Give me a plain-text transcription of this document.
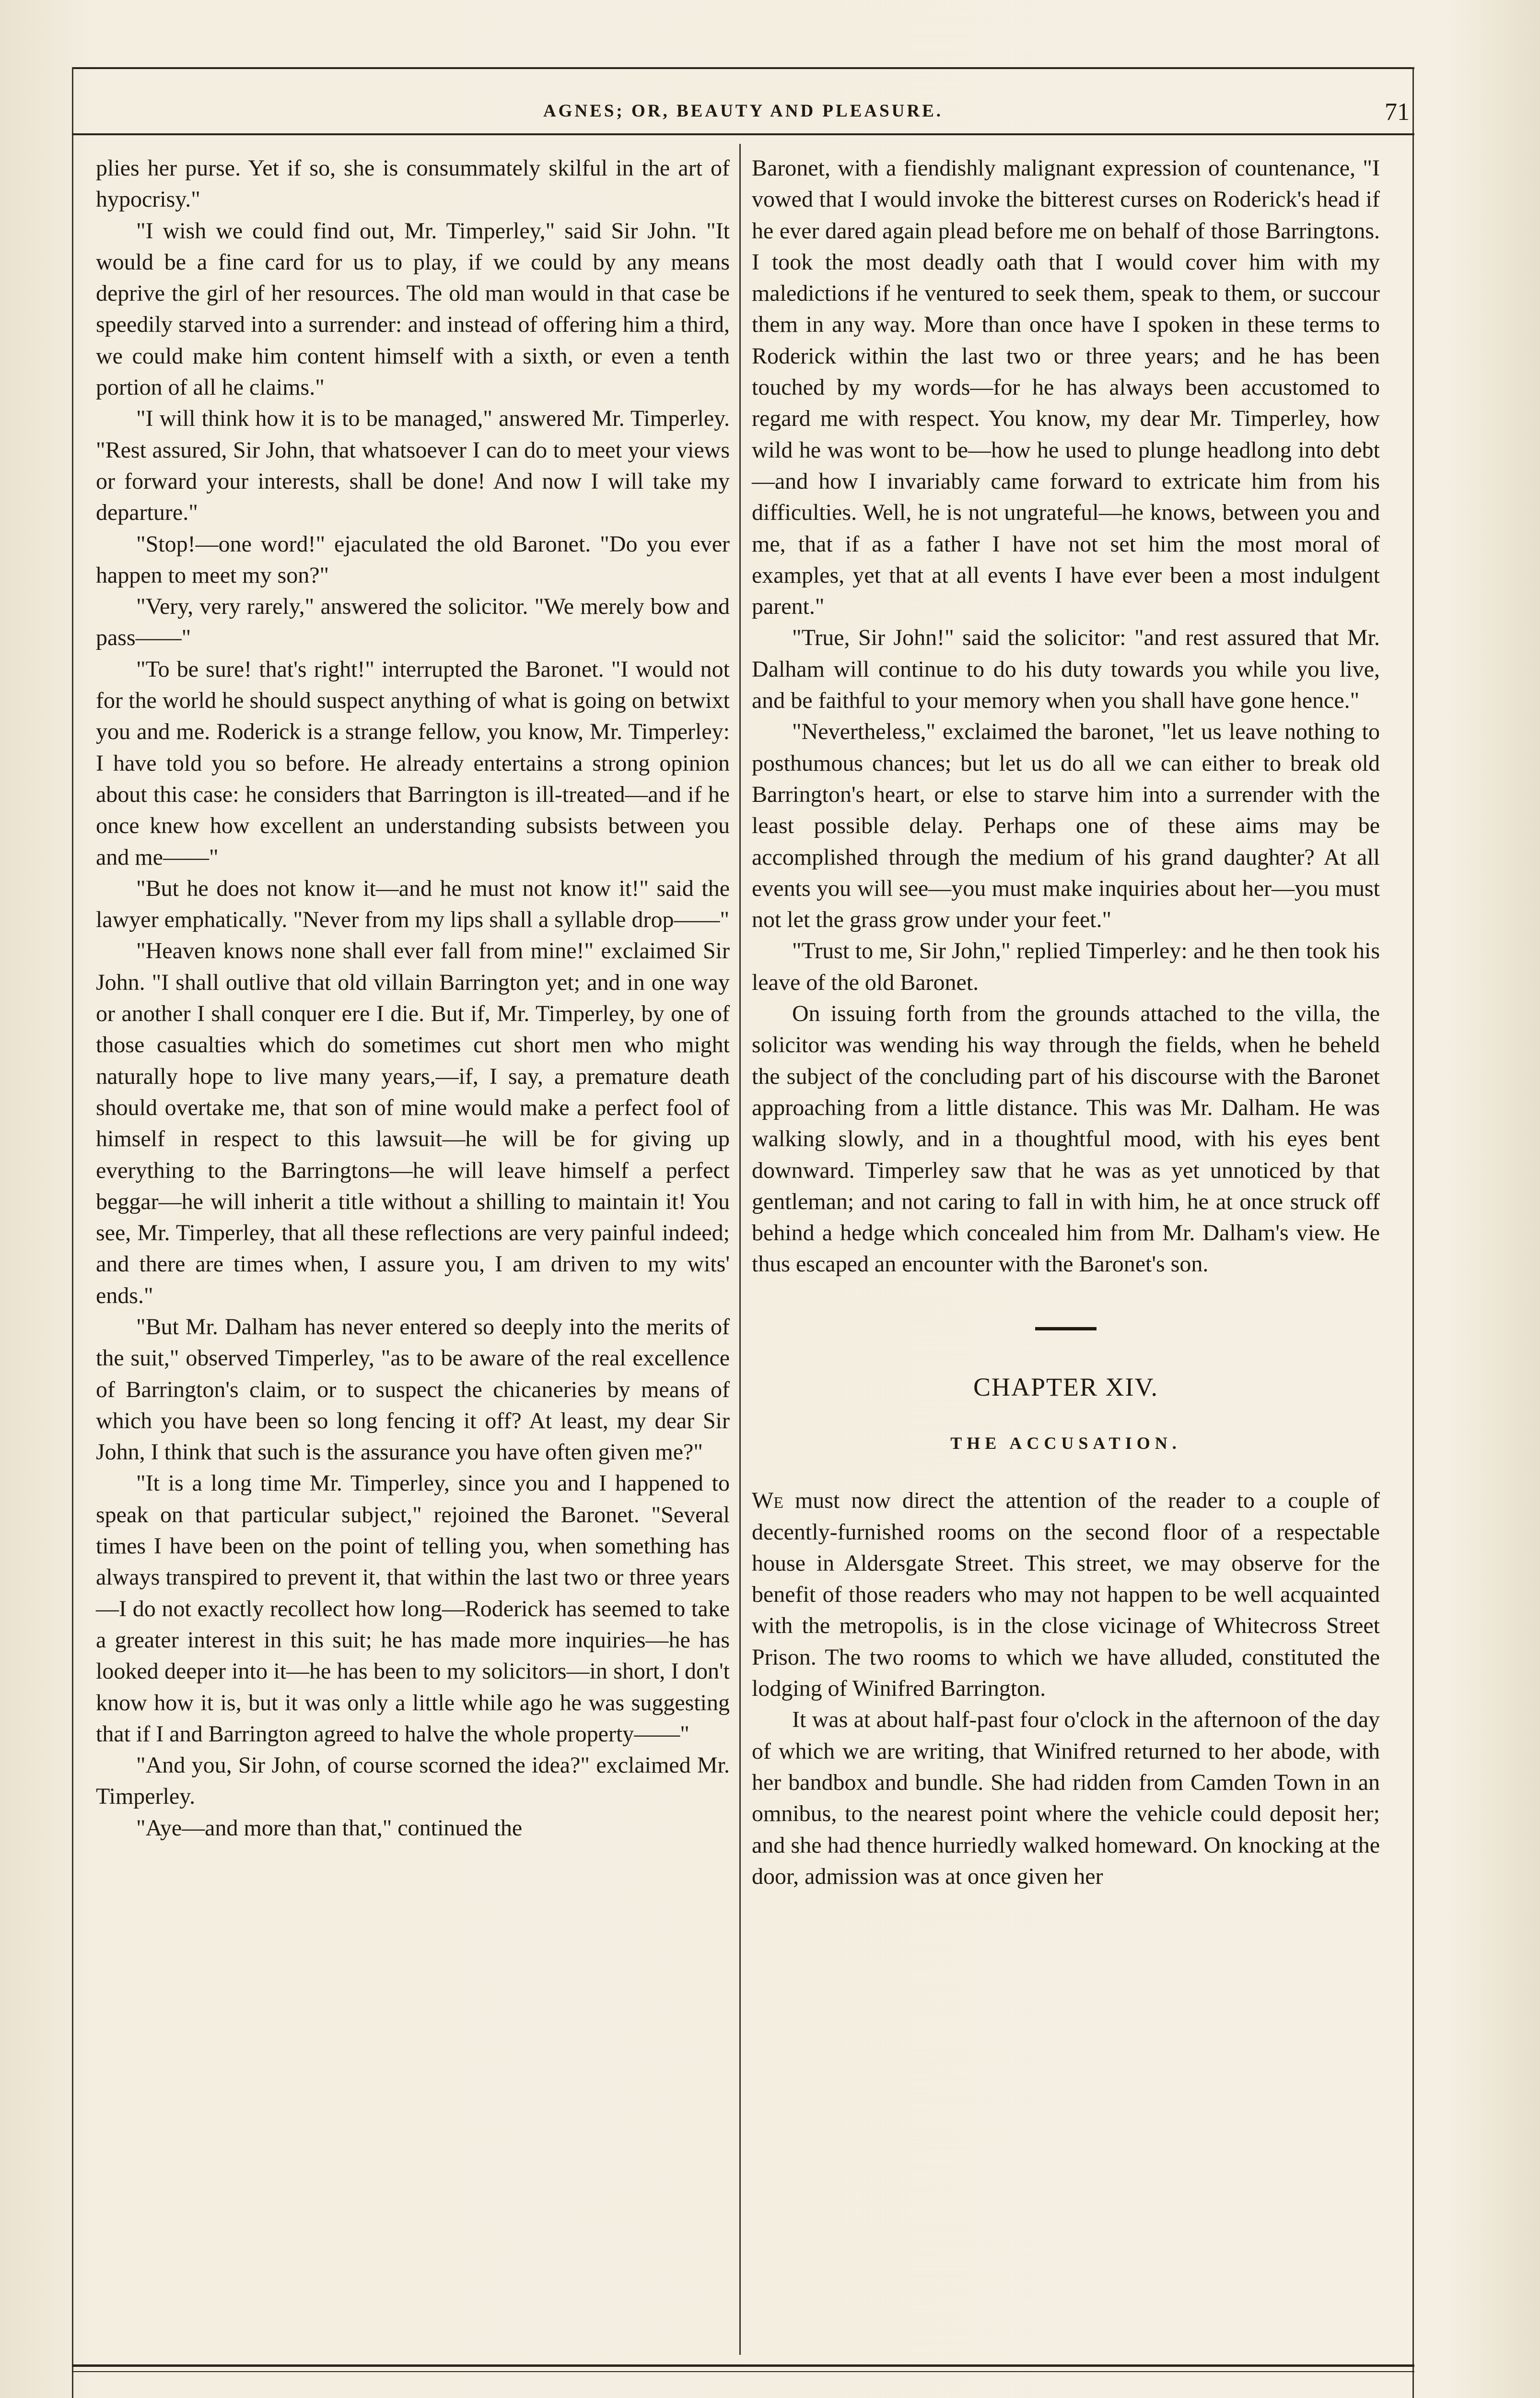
AGNES; OR, BEAUTY AND PLEASURE.	71

plies her purse. Yet if so, she is consummately skilful in the art of hypocrisy."

"I wish we could find out, Mr. Timperley," said Sir John. "It would be a fine card for us to play, if we could by any means deprive the girl of her resources. The old man would in that case be speedily starved into a surrender: and instead of offering him a third, we could make him content himself with a sixth, or even a tenth portion of all he claims."

"I will think how it is to be managed," answered Mr. Timperley. "Rest assured, Sir John, that whatsoever I can do to meet your views or forward your interests, shall be done! And now I will take my departure."

"Stop!—one word!" ejaculated the old Baronet. "Do you ever happen to meet my son?"

"Very, very rarely," answered the solicitor. "We merely bow and pass——"

"To be sure! that's right!" interrupted the Baronet. "I would not for the world he should suspect anything of what is going on betwixt you and me. Roderick is a strange fellow, you know, Mr. Timperley: I have told you so before. He already entertains a strong opinion about this case: he considers that Barrington is ill-treated—and if he once knew how excellent an understanding subsists between you and me——"

"But he does not know it—and he must not know it!" said the lawyer emphatically. "Never from my lips shall a syllable drop——"

"Heaven knows none shall ever fall from mine!" exclaimed Sir John. "I shall outlive that old villain Barrington yet; and in one way or another I shall conquer ere I die. But if, Mr. Timperley, by one of those casualties which do sometimes cut short men who might naturally hope to live many years,—if, I say, a premature death should overtake me, that son of mine would make a perfect fool of himself in respect to this lawsuit—he will be for giving up everything to the Barringtons—he will leave himself a perfect beggar—he will inherit a title without a shilling to maintain it! You see, Mr. Timperley, that all these reflections are very painful indeed; and there are times when, I assure you, I am driven to my wits' ends."

"But Mr. Dalham has never entered so deeply into the merits of the suit," observed Timperley, "as to be aware of the real excellence of Barrington's claim, or to suspect the chicaneries by means of which you have been so long fencing it off? At least, my dear Sir John, I think that such is the assurance you have often given me?"

"It is a long time Mr. Timperley, since you and I happened to speak on that particular subject," rejoined the Baronet. "Several times I have been on the point of telling you, when something has always transpired to prevent it, that within the last two or three years—I do not exactly recollect how long—Roderick has seemed to take a greater interest in this suit; he has made more inquiries—he has looked deeper into it—he has been to my solicitors—in short, I don't know how it is, but it was only a little while ago he was suggesting that if I and Barrington agreed to halve the whole property——"

"And you, Sir John, of course scorned the idea?" exclaimed Mr. Timperley.

"Aye—and more than that," continued the

Baronet, with a fiendishly malignant expression of countenance, "I vowed that I would invoke the bitterest curses on Roderick's head if he ever dared again plead before me on behalf of those Barringtons. I took the most deadly oath that I would cover him with my maledictions if he ventured to seek them, speak to them, or succour them in any way. More than once have I spoken in these terms to Roderick within the last two or three years; and he has been touched by my words—for he has always been accustomed to regard me with respect. You know, my dear Mr. Timperley, how wild he was wont to be—how he used to plunge headlong into debt—and how I invariably came forward to extricate him from his difficulties. Well, he is not ungrateful—he knows, between you and me, that if as a father I have not set him the most moral of examples, yet that at all events I have ever been a most indulgent parent."

"True, Sir John!" said the solicitor: "and rest assured that Mr. Dalham will continue to do his duty towards you while you live, and be faithful to your memory when you shall have gone hence."

"Nevertheless," exclaimed the baronet, "let us leave nothing to posthumous chances; but let us do all we can either to break old Barrington's heart, or else to starve him into a surrender with the least possible delay. Perhaps one of these aims may be accomplished through the medium of his grand daughter? At all events you will see—you must make inquiries about her—you must not let the grass grow under your feet."

"Trust to me, Sir John," replied Timperley: and he then took his leave of the old Baronet.

On issuing forth from the grounds attached to the villa, the solicitor was wending his way through the fields, when he beheld the subject of the concluding part of his discourse with the Baronet approaching from a little distance. This was Mr. Dalham. He was walking slowly, and in a thoughtful mood, with his eyes bent downward. Timperley saw that he was as yet unnoticed by that gentleman; and not caring to fall in with him, he at once struck off behind a hedge which concealed him from Mr. Dalham's view. He thus escaped an encounter with the Baronet's son.

CHAPTER XIV.
THE ACCUSATION.

We must now direct the attention of the reader to a couple of decently-furnished rooms on the second floor of a respectable house in Aldersgate Street. This street, we may observe for the benefit of those readers who may not happen to be well acquainted with the metropolis, is in the close vicinage of Whitecross Street Prison. The two rooms to which we have alluded, constituted the lodging of Winifred Barrington.

It was at about half-past four o'clock in the afternoon of the day of which we are writing, that Winifred returned to her abode, with her bandbox and bundle. She had ridden from Camden Town in an omnibus, to the nearest point where the vehicle could deposit her; and she had thence hurriedly walked homeward. On knocking at the door, admission was at once given her
